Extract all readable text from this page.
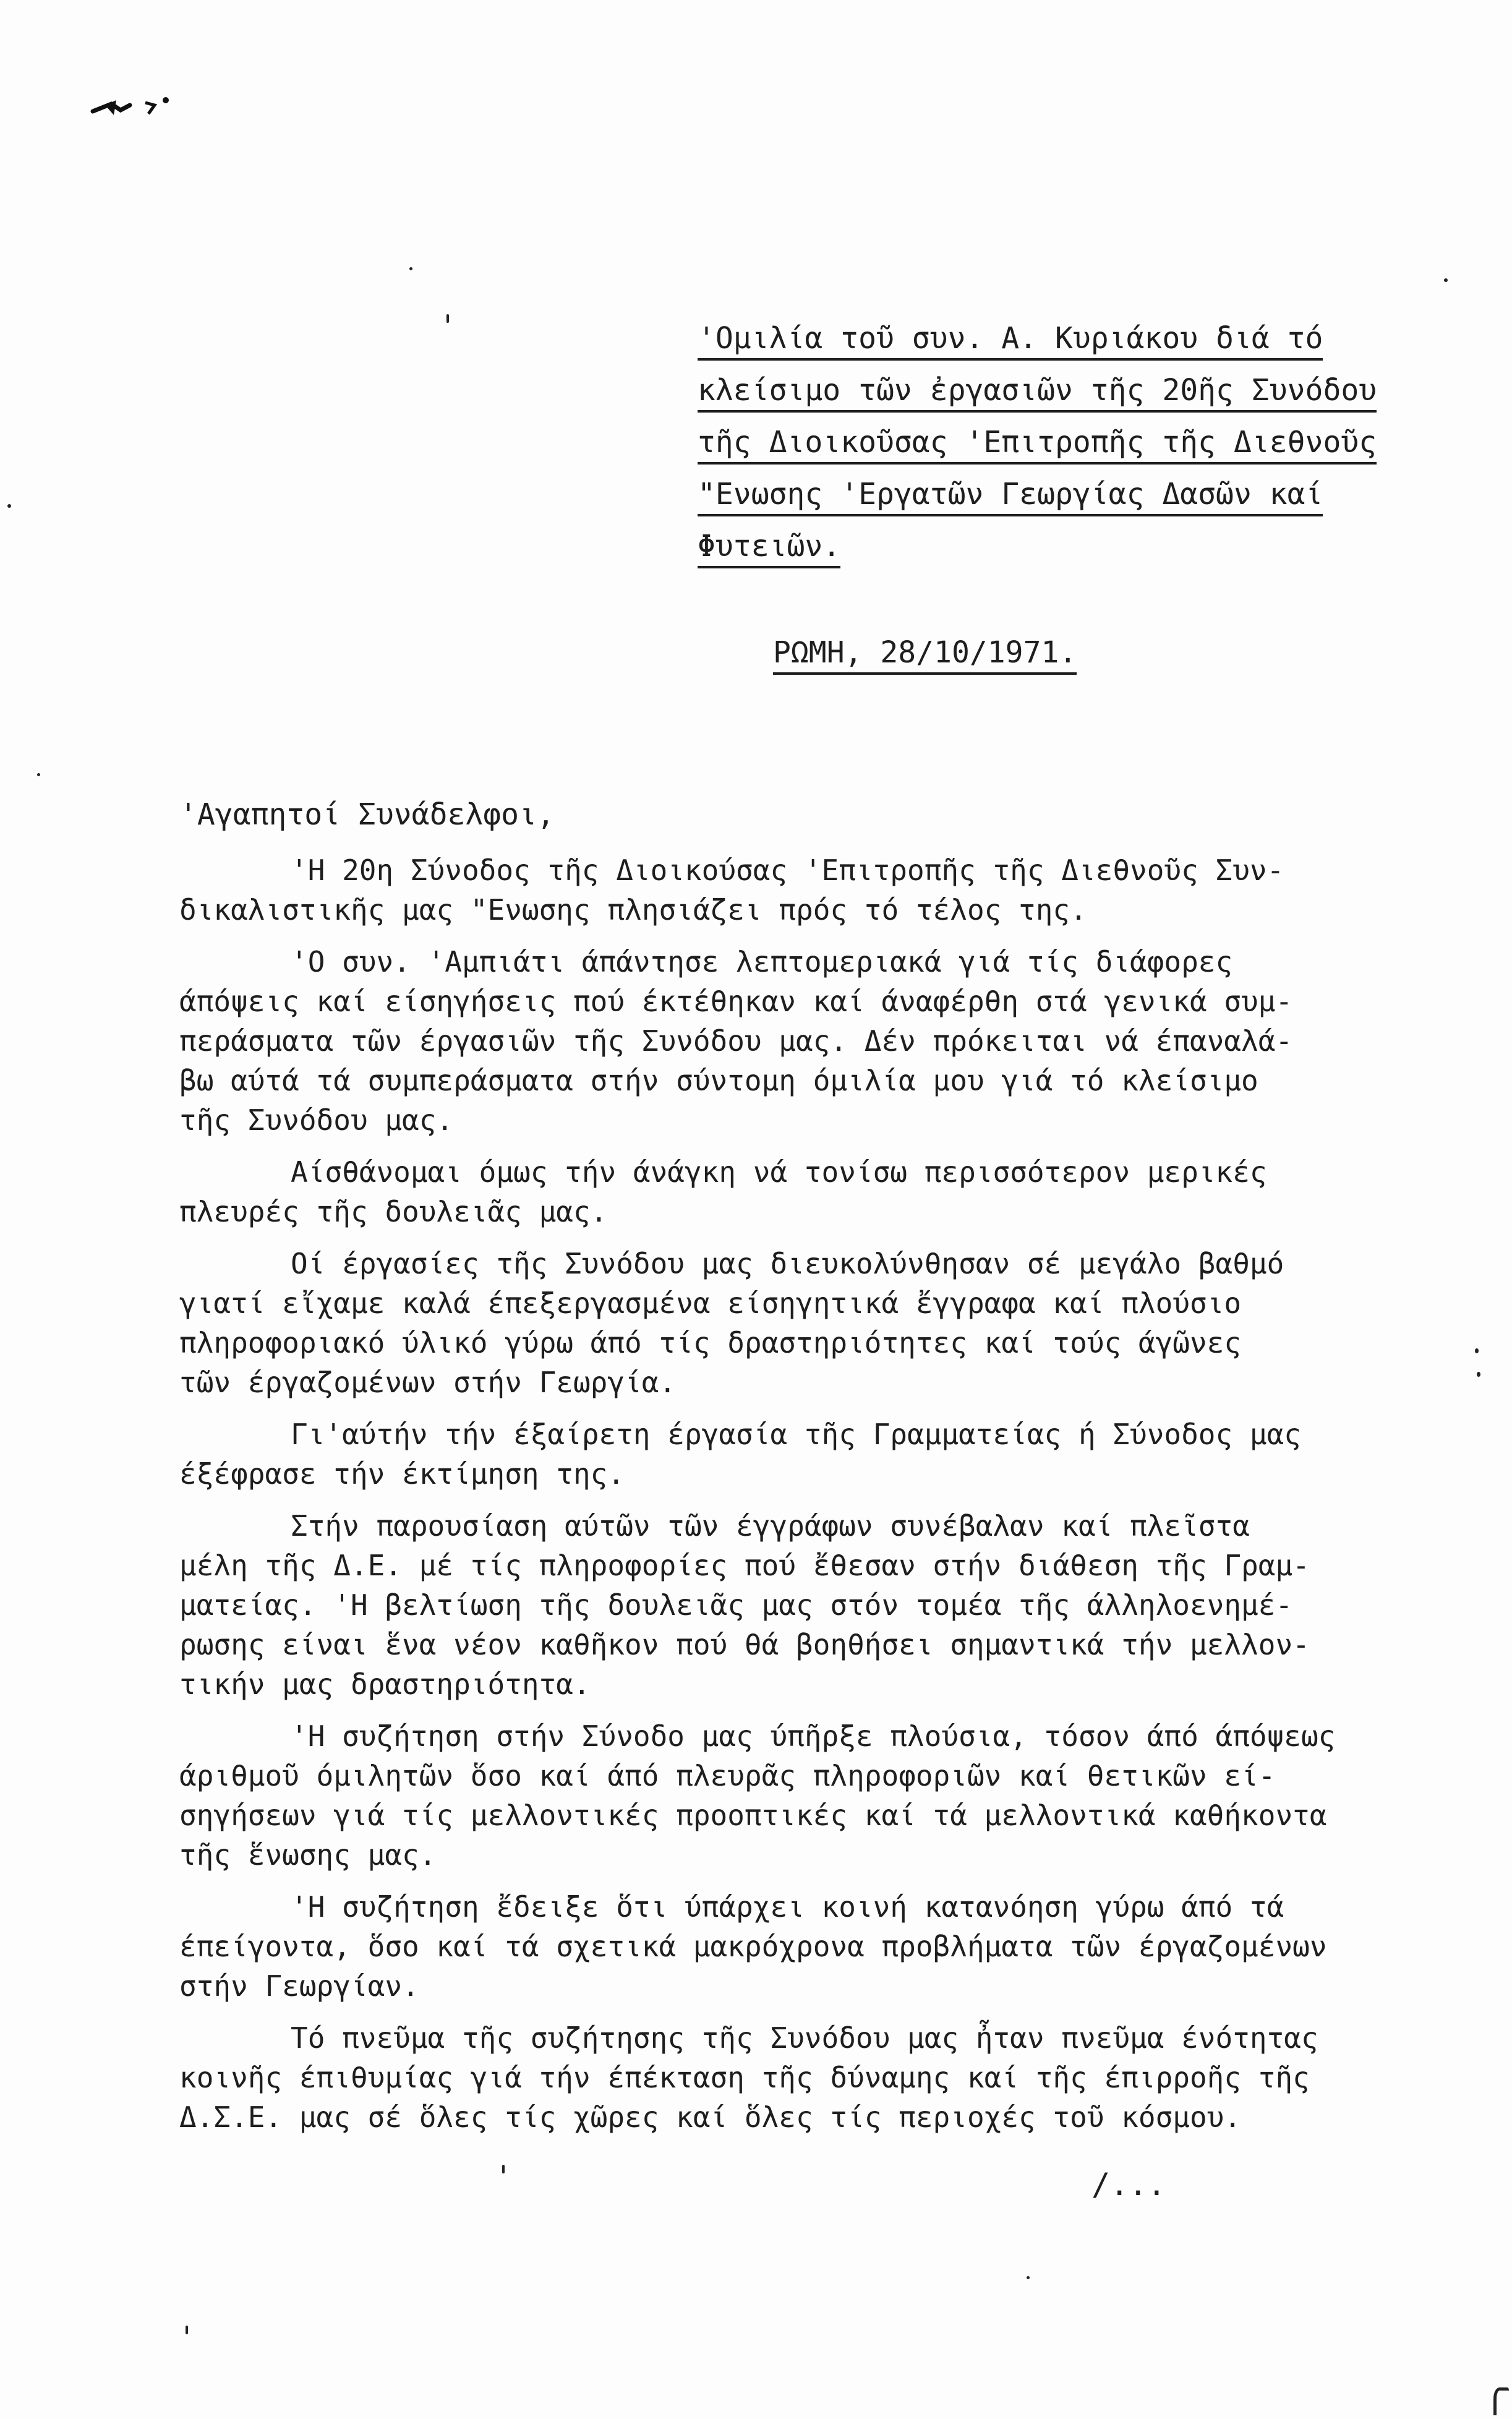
'Ομιλία τοῦ συν. Α. Κυριάκου διά τό
κλείσιμο τῶν ἐργασιῶν τῆς 20ῆς Συνόδου
τῆς Διοικοῦσας 'Επιτροπῆς τῆς Διεθνοῦς
"Ενωσης 'Εργατῶν Γεωργίας Δασῶν καί
Φυτειῶν.
ΡΩΜΗ, 28/10/1971.
'Αγαπητοί Συνάδελφοι,
'Η 20η Σύνοδος τῆς Διοικούσας 'Επιτροπῆς τῆς Διεθνοῦς Συν-
δικαλιστικῆς μας "Ενωσης πλησιάζει πρός τό τέλος της.
'Ο συν. 'Αμπιάτι άπάντησε λεπτομεριακά γιά τίς διάφορες
άπόψεις καί είσηγήσεις πού έκτέθηκαν καί άναφέρθη στά γενικά συμ-
περάσματα τῶν έργασιῶν τῆς Συνόδου μας. Δέν πρόκειται νά έπαναλά-
βω αύτά τά συμπεράσματα στήν σύντομη όμιλία μου γιά τό κλείσιμο
τῆς Συνόδου μας.
Αίσθάνομαι όμως τήν άνάγκη νά τονίσω περισσότερον μερικές
πλευρές τῆς δουλειᾶς μας.
Οί έργασίες τῆς Συνόδου μας διευκολύνθησαν σέ μεγάλο βαθμό
γιατί εἴχαμε καλά έπεξεργασμένα είσηγητικά ἔγγραφα καί πλούσιο
πληροφοριακό ύλικό γύρω άπό τίς δραστηριότητες καί τούς άγῶνες
τῶν έργαζομένων στήν Γεωργία.
Γι'αύτήν τήν έξαίρετη έργασία τῆς Γραμματείας ή Σύνοδος μας
έξέφρασε τήν έκτίμηση της.
Στήν παρουσίαση αύτῶν τῶν έγγράφων συνέβαλαν καί πλεῖστα
μέλη τῆς Δ.Ε. μέ τίς πληροφορίες πού ἔθεσαν στήν διάθεση τῆς Γραμ-
ματείας. 'Η βελτίωση τῆς δουλειᾶς μας στόν τομέα τῆς άλληλοενημέ-
ρωσης είναι ἕνα νέον καθῆκον πού θά βοηθήσει σημαντικά τήν μελλον-
τικήν μας δραστηριότητα.
'Η συζήτηση στήν Σύνοδο μας ύπῆρξε πλούσια, τόσον άπό άπόψεως
άριθμοῦ όμιλητῶν ὅσο καί άπό πλευρᾶς πληροφοριῶν καί θετικῶν εί-
σηγήσεων γιά τίς μελλοντικές προοπτικές καί τά μελλοντικά καθήκοντα
τῆς ἕνωσης μας.
'Η συζήτηση ἔδειξε ὅτι ύπάρχει κοινή κατανόηση γύρω άπό τά
έπείγοντα, ὅσο καί τά σχετικά μακρόχρονα προβλήματα τῶν έργαζομένων
στήν Γεωργίαν.
Τό πνεῦμα τῆς συζήτησης τῆς Συνόδου μας ἦταν πνεῦμα ένότητας
κοινῆς έπιθυμίας γιά τήν έπέκταση τῆς δύναμης καί τῆς έπιρροῆς τῆς
Δ.Σ.Ε. μας σέ ὅλες τίς χῶρες καί ὅλες τίς περιοχές τοῦ κόσμου.
/...
